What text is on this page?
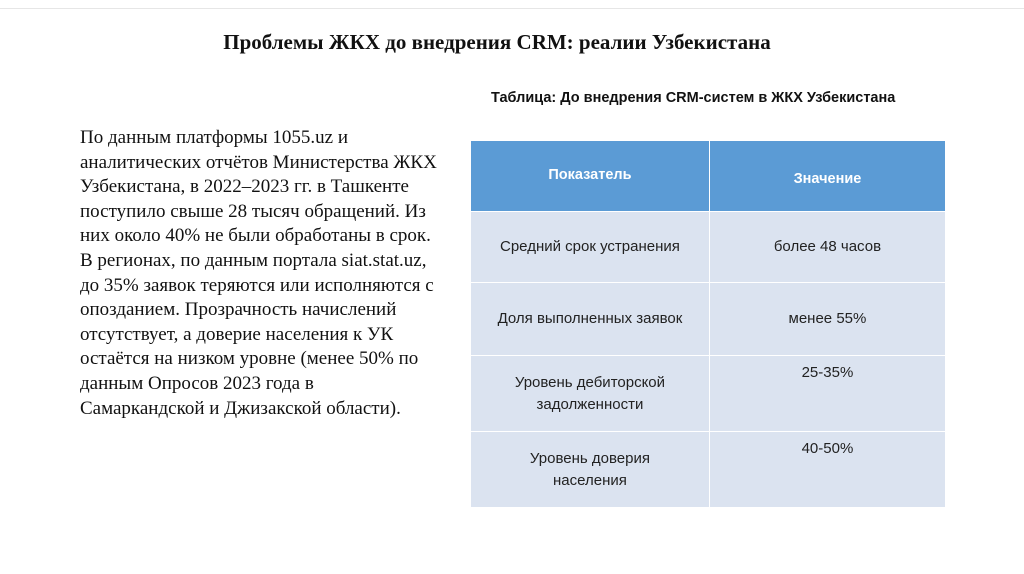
Проблемы ЖКХ до внедрения CRM: реалии Узбекистана
По данным платформы 1055.uz и аналитических отчётов Министерства ЖКХ Узбекистана, в 2022–2023 гг. в Ташкенте поступило свыше 28 тысяч обращений. Из них около 40% не были обработаны в срок. В регионах, по данным портала siat.stat.uz, до 35% заявок теряются или исполняются с опозданием. Прозрачность начислений отсутствует, а доверие населения к УК остаётся на низком уровне (менее 50% по данным Опросов 2023 года в Самаркандской и Джизакской области).
Таблица: До внедрения CRM-систем в ЖКХ Узбекистана
Показатель	Значение
Средний срок устранения	более 48 часов
Доля выполненных заявок	менее 55%
Уровень дебиторской задолженности	25-35%
Уровень доверия населения	40-50%
